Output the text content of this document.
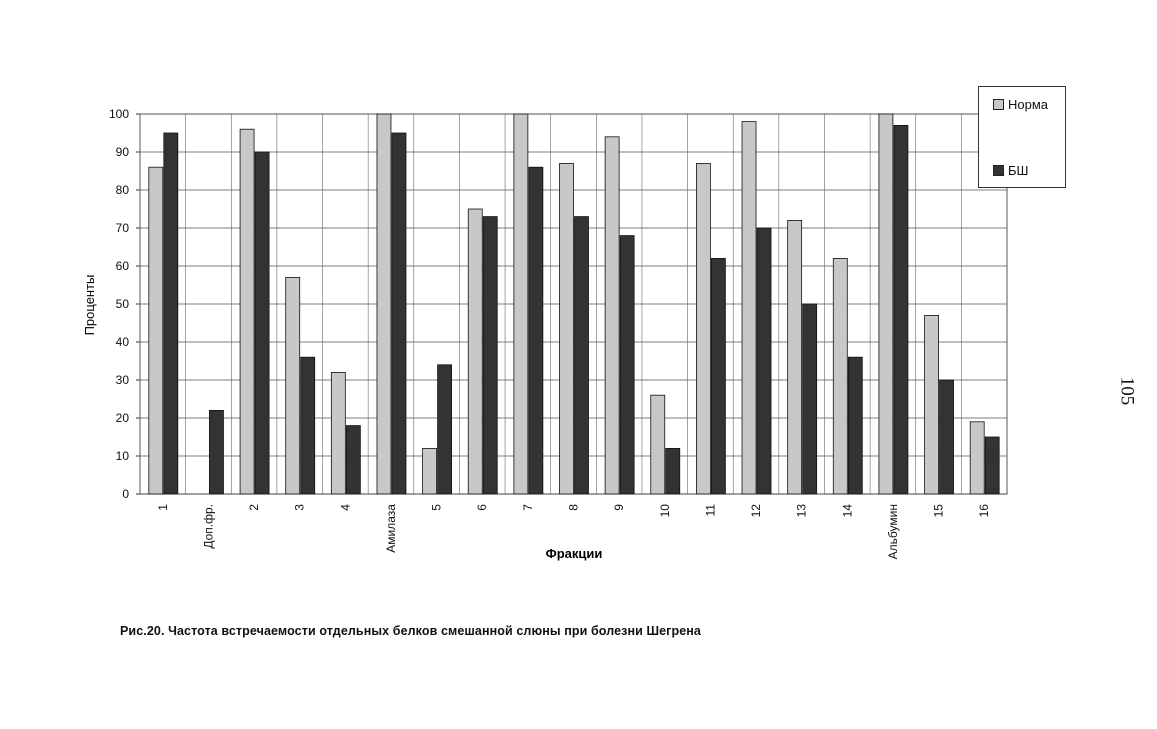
0
10
20
30
40
50
60
70
80
90
100
1	Доп.фр.	2	3	4	Амилаза	5	6	7	8	9	10	11	12	13	14	Альбумин	15	16
Фракции
Проценты
Норма
БШ
Рис.20. Частота встречаемости отдельных белков смешанной слюны при болезни Шегрена
105
